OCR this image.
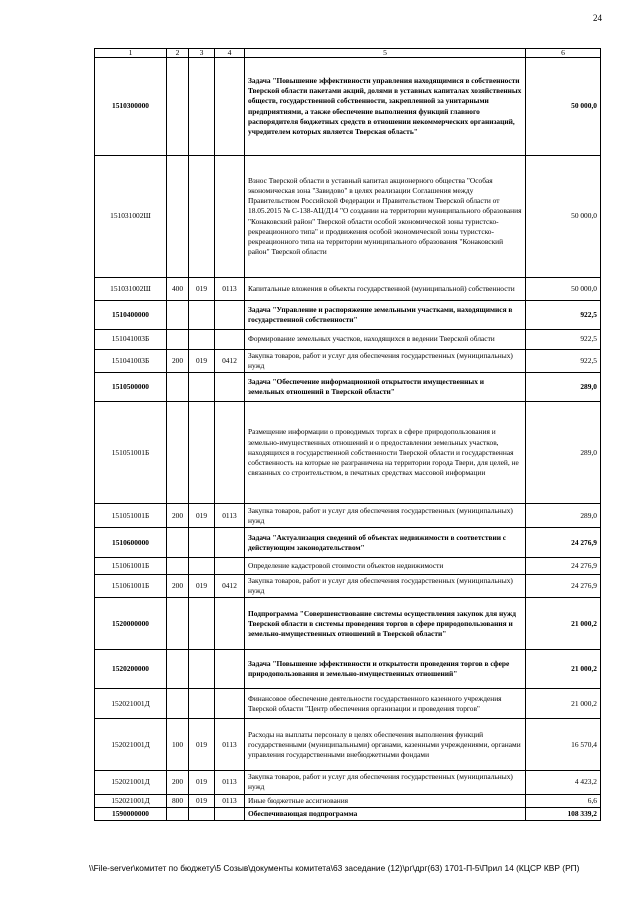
24
1	2	3	4	5	6
1510300000				Задача "Повышение эффективности управления находящимися в собственности Тверской области пакетами акций, долями в уставных капиталах хозяйственных обществ, государственной собственности, закрепленной за унитарными предприятиями, а также обеспечение выполнения функций главного распорядителя бюджетных средств в отношении некоммерческих организаций, учредителем которых является Тверская область"	50 000,0
151031002Ш				Взнос Тверской области в уставный капитал акционерного общества "Особая экономическая зона "Завидово" в целях реализации Соглашения между Правительством Российской Федерации и Правительством Тверской области от 18.05.2015 № С-138-АЦ/Д14 "О создании на территории муниципального образования "Конаковский район" Тверской области особой экономической зоны туристско-рекреационного типа" и продвижения особой экономической зоны туристско-рекреационного типа на территории муниципального образования "Конаковский район" Тверской области	50 000,0
151031002Ш	400	019	0113	Капитальные вложения в объекты государственной (муниципальной) собственности	50 000,0
1510400000				Задача "Управление и распоряжение земельными участками, находящимися в государственной собственности"	922,5
151041003Б				Формирование земельных участков, находящихся в ведении Тверской области	922,5
151041003Б	200	019	0412	Закупка товаров, работ и услуг для обеспечения государственных (муниципальных) нужд	922,5
1510500000				Задача "Обеспечение информационной открытости имущественных и земельных отношений в Тверской области"	289,0
151051001Б				Размещение информации о проводимых торгах в сфере природопользования и земельно-имущественных отношений и о предоставлении земельных участков, находящихся в государственной собственности Тверской области и государственная собственность на которые не разграничена на территории города Твери, для целей, не связанных со строительством, в печатных средствах массовой информации	289,0
151051001Б	200	019	0113	Закупка товаров, работ и услуг для обеспечения государственных (муниципальных) нужд	289,0
1510600000				Задача "Актуализация сведений об объектах недвижимости в соответствии с действующим законодательством"	24 276,9
151061001Б				Определение кадастровой стоимости объектов недвижимости	24 276,9
151061001Б	200	019	0412	Закупка товаров, работ и услуг для обеспечения государственных (муниципальных) нужд	24 276,9
1520000000				Подпрограмма "Совершенствование системы осуществления закупок для нужд Тверской области в системы проведения торгов в сфере природопользования и земельно-имущественных отношений в Тверской области"	21 000,2
1520200000				Задача "Повышение эффективности и открытости проведения торгов в сфере природопользования и земельно-имущественных отношений"	21 000,2
152021001Д				Финансовое обеспечение деятельности государственного казенного учреждения Тверской области "Центр обеспечения организации и проведения торгов"	21 000,2
152021001Д	100	019	0113	Расходы на выплаты персоналу в целях обеспечения выполнения функций государственными (муниципальными) органами, казенными учреждениями, органами управления государственными внебюджетными фондами	16 570,4
152021001Д	200	019	0113	Закупка товаров, работ и услуг для обеспечения государственных (муниципальных) нужд	4 423,2
152021001Д	800	019	0113	Иные бюджетные ассигнования	6,6
1590000000				Обеспечивающая подпрограмма	108 339,2
\\File-server\комитет по бюджету\5 Созыв\документы комитета\63 заседание (12)\рг\дрг(63) 1701-П-5\Прил 14 (КЦСР КВР (РП)
